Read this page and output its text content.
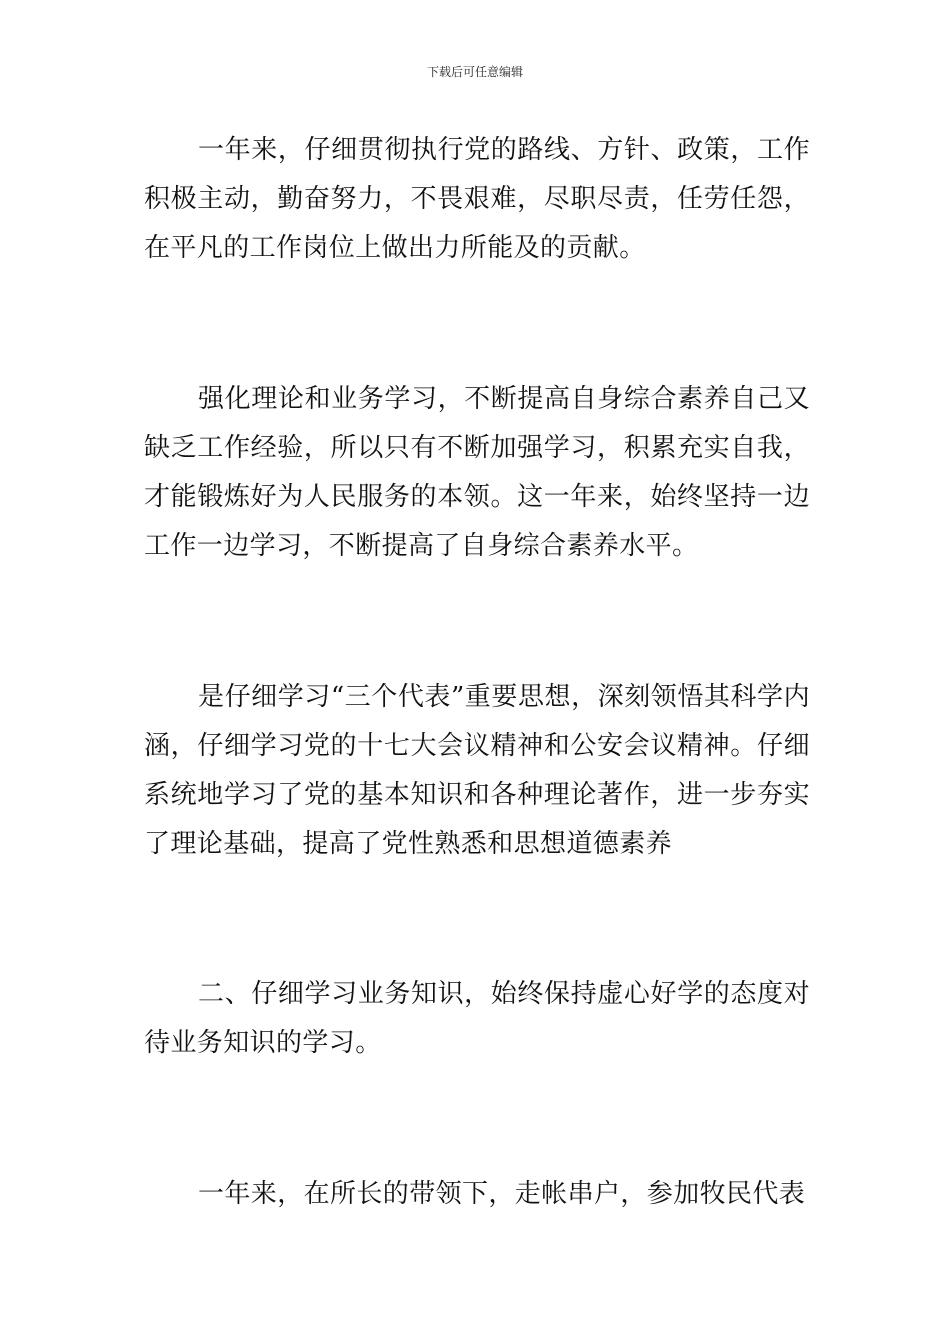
下载后可任意编辑

一年来，仔细贯彻执行党的路线、方针、政策，工作积极主动，勤奋努力，不畏艰难，尽职尽责，任劳任怨，在平凡的工作岗位上做出力所能及的贡献。

强化理论和业务学习，不断提高自身综合素养自己又缺乏工作经验，所以只有不断加强学习，积累充实自我，才能锻炼好为人民服务的本领。这一年来，始终坚持一边工作一边学习，不断提高了自身综合素养水平。

是仔细学习“三个代表”重要思想，深刻领悟其科学内涵，仔细学习党的十七大会议精神和公安会议精神。仔细系统地学习了党的基本知识和各种理论著作，进一步夯实了理论基础，提高了党性熟悉和思想道德素养

二、仔细学习业务知识，始终保持虚心好学的态度对待业务知识的学习。

一年来，在所长的带领下，走帐串户，参加牧民代表
